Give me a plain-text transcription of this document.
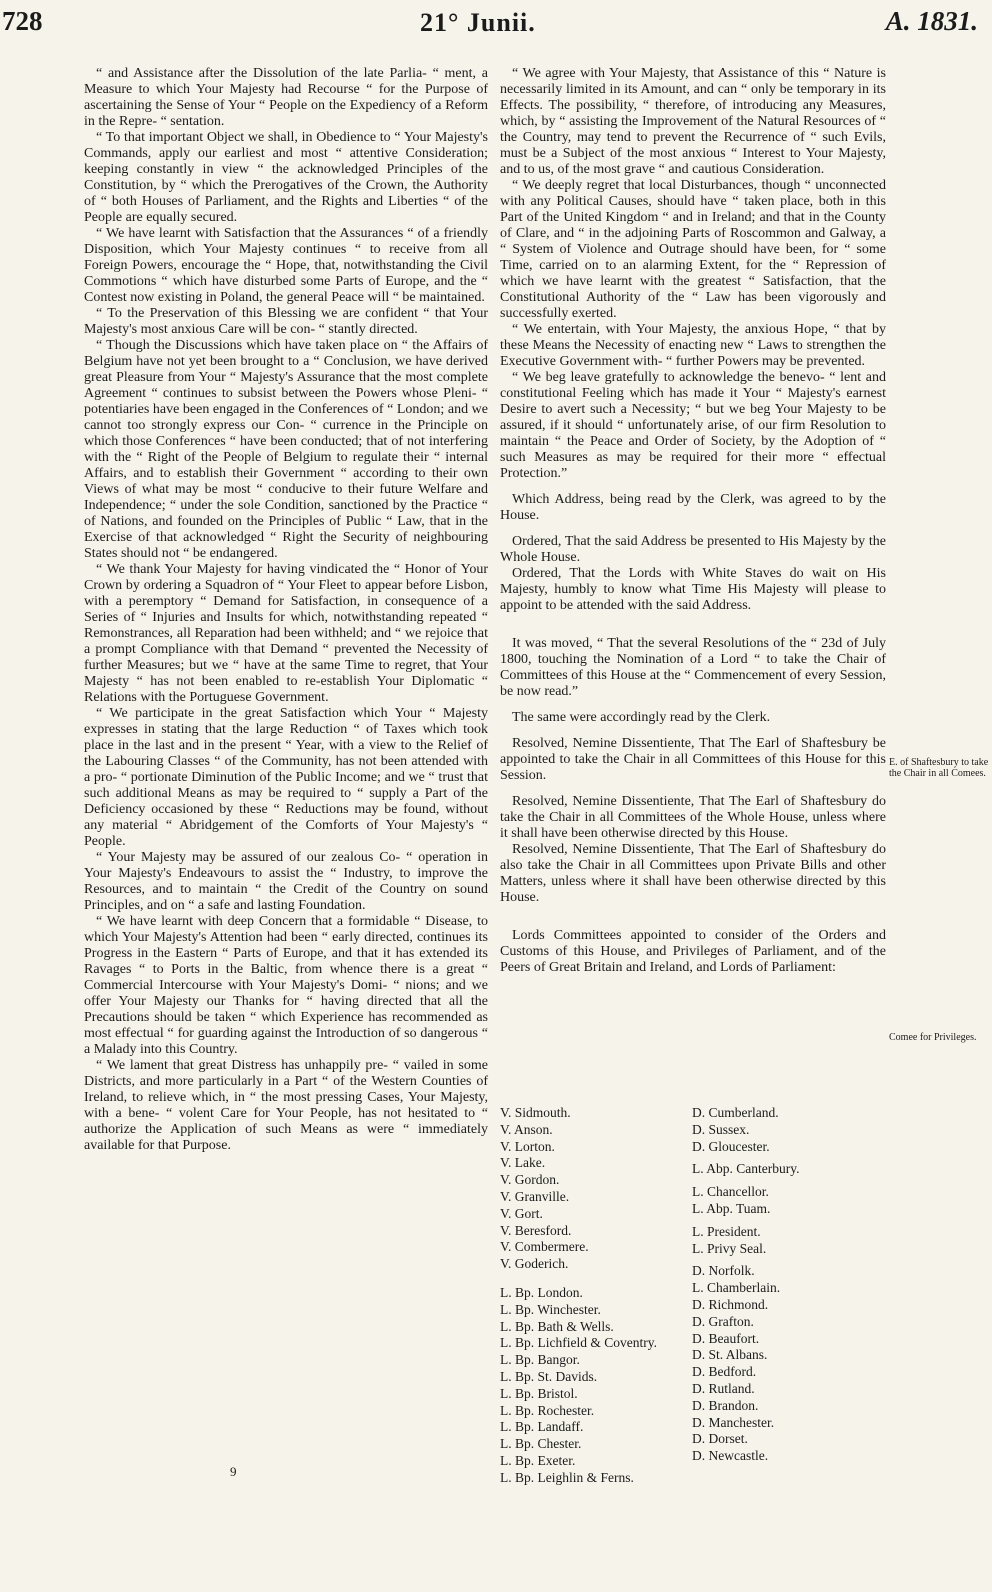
728	21° Junii.	A. 1831.

“ and Assistance after the Dissolution of the late Parlia- “ ment, a Measure to which Your Majesty had Recourse “ for the Purpose of ascertaining the Sense of Your “ People on the Expediency of a Reform in the Repre- “ sentation.

“ To that important Object we shall, in Obedience to “ Your Majesty's Commands, apply our earliest and most “ attentive Consideration; keeping constantly in view “ the acknowledged Principles of the Constitution, by “ which the Prerogatives of the Crown, the Authority of “ both Houses of Parliament, and the Rights and Liberties “ of the People are equally secured.

“ We have learnt with Satisfaction that the Assurances “ of a friendly Disposition, which Your Majesty continues “ to receive from all Foreign Powers, encourage the “ Hope, that, notwithstanding the Civil Commotions “ which have disturbed some Parts of Europe, and the “ Contest now existing in Poland, the general Peace will “ be maintained.

“ To the Preservation of this Blessing we are confident “ that Your Majesty's most anxious Care will be con- “ stantly directed.

“ Though the Discussions which have taken place on “ the Affairs of Belgium have not yet been brought to a “ Conclusion, we have derived great Pleasure from Your “ Majesty's Assurance that the most complete Agreement “ continues to subsist between the Powers whose Pleni- “ potentiaries have been engaged in the Conferences of “ London; and we cannot too strongly express our Con- “ currence in the Principle on which those Conferences “ have been conducted; that of not interfering with the “ Right of the People of Belgium to regulate their “ internal Affairs, and to establish their Government “ according to their own Views of what may be most “ conducive to their future Welfare and Independence; “ under the sole Condition, sanctioned by the Practice “ of Nations, and founded on the Principles of Public “ Law, that in the Exercise of that acknowledged “ Right the Security of neighbouring States should not “ be endangered.

“ We thank Your Majesty for having vindicated the “ Honor of Your Crown by ordering a Squadron of “ Your Fleet to appear before Lisbon, with a peremptory “ Demand for Satisfaction, in consequence of a Series of “ Injuries and Insults for which, notwithstanding repeated “ Remonstrances, all Reparation had been withheld; and “ we rejoice that a prompt Compliance with that Demand “ prevented the Necessity of further Measures; but we “ have at the same Time to regret, that Your Majesty “ has not been enabled to re-establish Your Diplomatic “ Relations with the Portuguese Government.

“ We participate in the great Satisfaction which Your “ Majesty expresses in stating that the large Reduction “ of Taxes which took place in the last and in the present “ Year, with a view to the Relief of the Labouring Classes “ of the Community, has not been attended with a pro- “ portionate Diminution of the Public Income; and we “ trust that such additional Means as may be required to “ supply a Part of the Deficiency occasioned by these “ Reductions may be found, without any material “ Abridgement of the Comforts of Your Majesty's “ People.

“ Your Majesty may be assured of our zealous Co- “ operation in Your Majesty's Endeavours to assist the “ Industry, to improve the Resources, and to maintain “ the Credit of the Country on sound Principles, and on “ a safe and lasting Foundation.

“ We have learnt with deep Concern that a formidable “ Disease, to which Your Majesty's Attention had been “ early directed, continues its Progress in the Eastern “ Parts of Europe, and that it has extended its Ravages “ to Ports in the Baltic, from whence there is a great “ Commercial Intercourse with Your Majesty's Domi- “ nions; and we offer Your Majesty our Thanks for “ having directed that all the Precautions should be taken “ which Experience has recommended as most effectual “ for guarding against the Introduction of so dangerous “ a Malady into this Country.

“ We lament that great Distress has unhappily pre- “ vailed in some Districts, and more particularly in a Part “ of the Western Counties of Ireland, to relieve which, in “ the most pressing Cases, Your Majesty, with a bene- “ volent Care for Your People, has not hesitated to “ authorize the Application of such Means as were “ immediately available for that Purpose.

“ We agree with Your Majesty, that Assistance of this “ Nature is necessarily limited in its Amount, and can “ only be temporary in its Effects. The possibility, “ therefore, of introducing any Measures, which, by “ assisting the Improvement of the Natural Resources of “ the Country, may tend to prevent the Recurrence of “ such Evils, must be a Subject of the most anxious “ Interest to Your Majesty, and to us, of the most grave “ and cautious Consideration.

“ We deeply regret that local Disturbances, though “ unconnected with any Political Causes, should have “ taken place, both in this Part of the United Kingdom “ and in Ireland; and that in the County of Clare, and “ in the adjoining Parts of Roscommon and Galway, a “ System of Violence and Outrage should have been, for “ some Time, carried on to an alarming Extent, for the “ Repression of which we have learnt with the greatest “ Satisfaction, that the Constitutional Authority of the “ Law has been vigorously and successfully exerted.

“ We entertain, with Your Majesty, the anxious Hope, “ that by these Means the Necessity of enacting new “ Laws to strengthen the Executive Government with- “ further Powers may be prevented.

“ We beg leave gratefully to acknowledge the benevo- “ lent and constitutional Feeling which has made it Your “ Majesty's earnest Desire to avert such a Necessity; “ but we beg Your Majesty to be assured, if it should “ unfortunately arise, of our firm Resolution to maintain “ the Peace and Order of Society, by the Adoption of “ such Measures as may be required for their more “ effectual Protection.”

Which Address, being read by the Clerk, was agreed to by the House.

Ordered, That the said Address be presented to His Majesty by the Whole House.

Ordered, That the Lords with White Staves do wait on His Majesty, humbly to know what Time His Majesty will please to appoint to be attended with the said Address.

It was moved, “ That the several Resolutions of the “ 23d of July 1800, touching the Nomination of a Lord “ to take the Chair of Committees of this House at the “ Commencement of every Session, be now read.”

The same were accordingly read by the Clerk.

Resolved, Nemine Dissentiente, That The Earl of Shaftesbury be appointed to take the Chair in all Committees of this House for this Session.

Resolved, Nemine Dissentiente, That The Earl of Shaftesbury do take the Chair in all Committees of the Whole House, unless where it shall have been otherwise directed by this House.

Resolved, Nemine Dissentiente, That The Earl of Shaftesbury do also take the Chair in all Committees upon Private Bills and other Matters, unless where it shall have been otherwise directed by this House.

Lords Committees appointed to consider of the Orders and Customs of this House, and Privileges of Parliament, and of the Peers of Great Britain and Ireland, and Lords of Parliament:

E. of Shaftesbury to take the Chair in all Comees.
Comee for Privileges.
V. Sidmouth.
V. Anson.
V. Lorton.
V. Lake.
V. Gordon.
V. Granville.
V. Gort.
V. Beresford.
V. Combermere.
V. Goderich.
L. Bp. London.
L. Bp. Winchester.
L. Bp. Bath & Wells.
L. Bp. Lichfield & Coventry.
L. Bp. Bangor.
L. Bp. St. Davids.
L. Bp. Bristol.
L. Bp. Rochester.
L. Bp. Landaff.
L. Bp. Chester.
L. Bp. Exeter.
L. Bp. Leighlin & Ferns.
D. Cumberland.
D. Sussex.
D. Gloucester.
L. Abp. Canterbury.
L. Chancellor.
L. Abp. Tuam.
L. President.
L. Privy Seal.
D. Norfolk.
L. Chamberlain.
D. Richmond.
D. Grafton.
D. Beaufort.
D. St. Albans.
D. Bedford.
D. Rutland.
D. Brandon.
D. Manchester.
D. Dorset.
D. Newcastle.
9
